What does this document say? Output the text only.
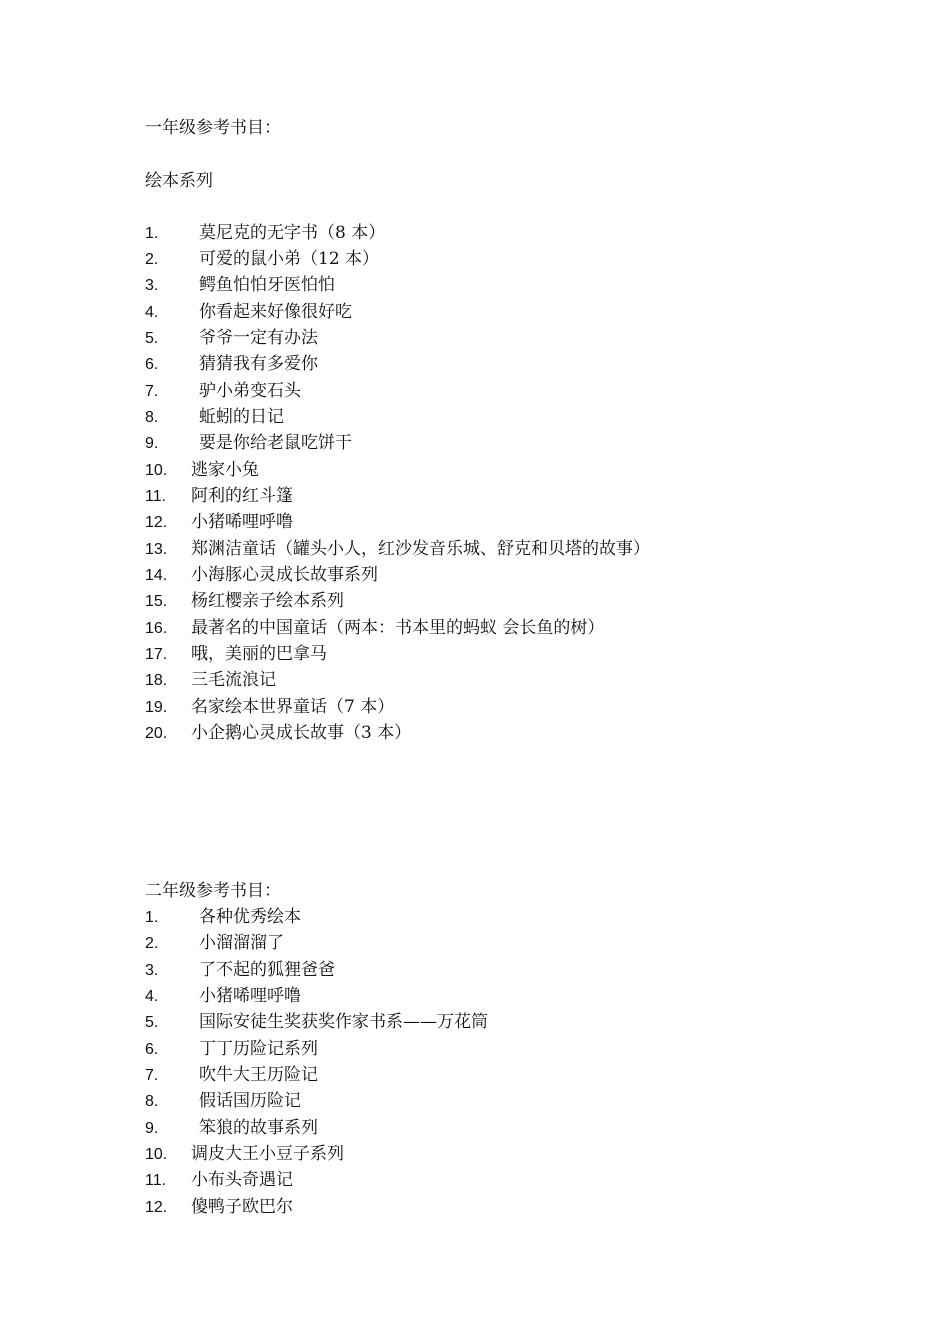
一年级参考书目：
绘本系列
1. 莫尼克的无字书（8 本）
2. 可爱的鼠小弟（12 本）
3. 鳄鱼怕怕牙医怕怕
4. 你看起来好像很好吃
5. 爷爷一定有办法
6. 猜猜我有多爱你
7. 驴小弟变石头
8. 蚯蚓的日记
9. 要是你给老鼠吃饼干
10. 逃家小兔
11. 阿利的红斗篷
12. 小猪唏哩呼噜
13. 郑渊洁童话（罐头小人，红沙发音乐城、舒克和贝塔的故事）
14. 小海豚心灵成长故事系列
15. 杨红樱亲子绘本系列
16. 最著名的中国童话（两本：书本里的蚂蚁 会长鱼的树）
17. 哦，美丽的巴拿马
18. 三毛流浪记
19. 名家绘本世界童话（7 本）
20. 小企鹅心灵成长故事（3 本）
二年级参考书目：
1. 各种优秀绘本
2. 小溜溜溜了
3. 了不起的狐狸爸爸
4. 小猪唏哩呼噜
5. 国际安徒生奖获奖作家书系——万花筒
6. 丁丁历险记系列
7. 吹牛大王历险记
8. 假话国历险记
9. 笨狼的故事系列
10. 调皮大王小豆子系列
11. 小布头奇遇记
12. 傻鸭子欧巴尔
